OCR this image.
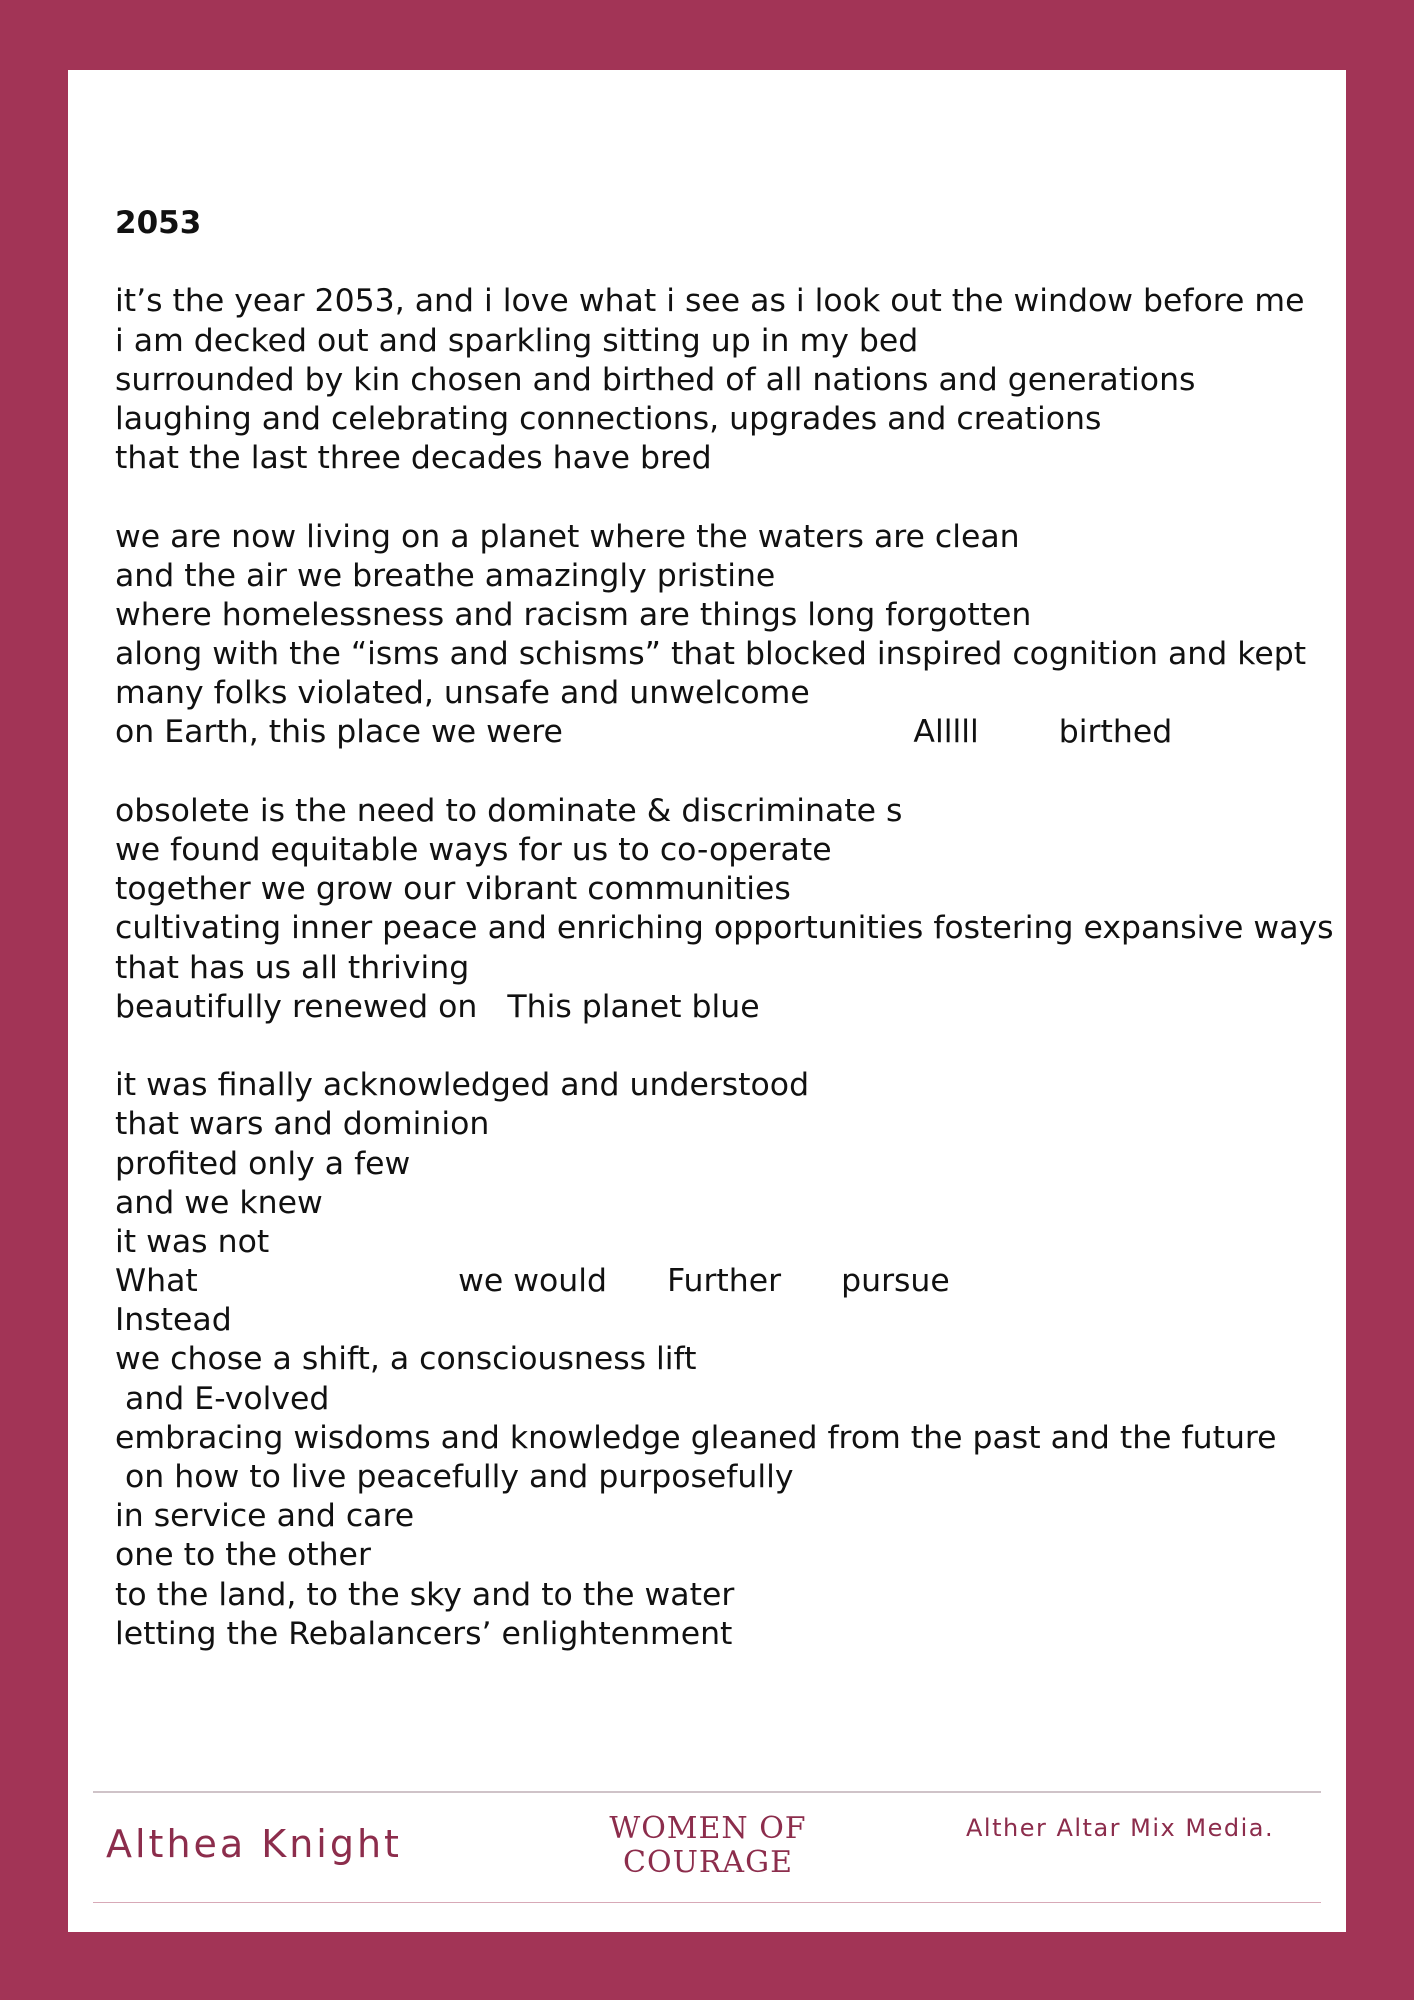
2053
it’s the year 2053, and i love what i see as i look out the window before me
i am decked out and sparkling sitting up in my bed
surrounded by kin chosen and birthed of all nations and generations
laughing and celebrating connections, upgrades and creations
that the last three decades have bred
we are now living on a planet where the waters are clean
and the air we breathe amazingly pristine
where homelessness and racism are things long forgotten
along with the “isms and schisms” that blocked inspired cognition and kept
many folks violated, unsafe and unwelcome
on Earth, this place we were                                   Alllll        birthed
obsolete is the need to dominate & discriminate s
we found equitable ways for us to co-operate
together we grow our vibrant communities
cultivating inner peace and enriching opportunities fostering expansive ways
that has us all thriving
beautifully renewed on   This planet blue
it was finally acknowledged and understood
that wars and dominion
profited only a few
and we knew
it was not
What                          we would      Further      pursue
Instead
we chose a shift, a consciousness lift
and E-volved
embracing wisdoms and knowledge gleaned from the past and the future
on how to live peacefully and purposefully
in service and care
one to the other
to the land, to the sky and to the water
letting the Rebalancers’ enlightenment
Althea Knight	WOMEN OF
COURAGE
Alther Altar Mix Media.
